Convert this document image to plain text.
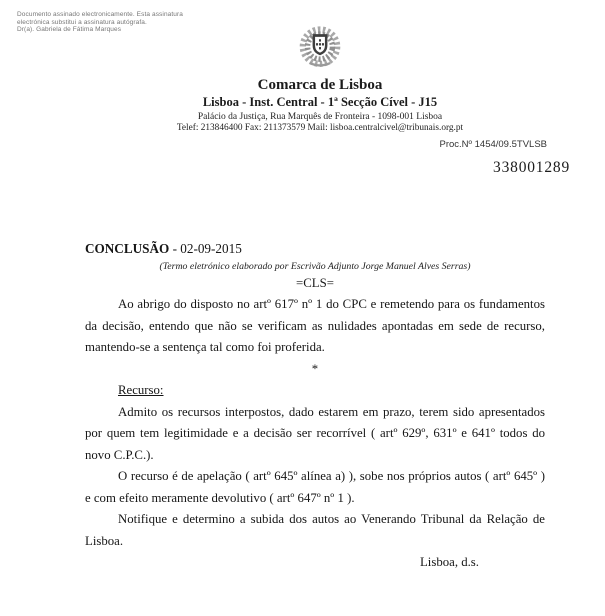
Documento assinado electronicamente. Esta assinatura
electrónica substitui a assinatura autógrafa.
Dr(a). Gabriela de Fátima Marques
Comarca de Lisboa
Lisboa - Inst. Central - 1ª Secção Cível - J15
Palácio da Justiça, Rua Marquês de Fronteira - 1098-001 Lisboa
Telef: 213846400 Fax: 211373579 Mail: lisboa.centralcivel@tribunais.org.pt
Proc.Nº 1454/09.5TVLSB
338001289

CONCLUSÃO - 02-09-2015

(Termo eletrónico elaborado por Escrivão Adjunto Jorge Manuel Alves Serras)

=CLS=

Ao abrigo do disposto no artº 617º nº 1 do CPC e remetendo para os fundamentos da decisão, entendo que não se verificam as nulidades apontadas em sede de recurso, mantendo-se a sentença tal como foi proferida.

*

Recurso:

Admito os recursos interpostos, dado estarem em prazo, terem sido apresentados por quem tem legitimidade e a decisão ser recorrível ( artº 629º, 631º e 641º todos do novo C.P.C.).

O recurso é de apelação ( artº 645º alínea a) ), sobe nos próprios autos ( artº 645º ) e com efeito meramente devolutivo ( artº 647º nº 1 ).

Notifique e determino a subida dos autos ao Venerando Tribunal da Relação de Lisboa.

Lisboa, d.s.
